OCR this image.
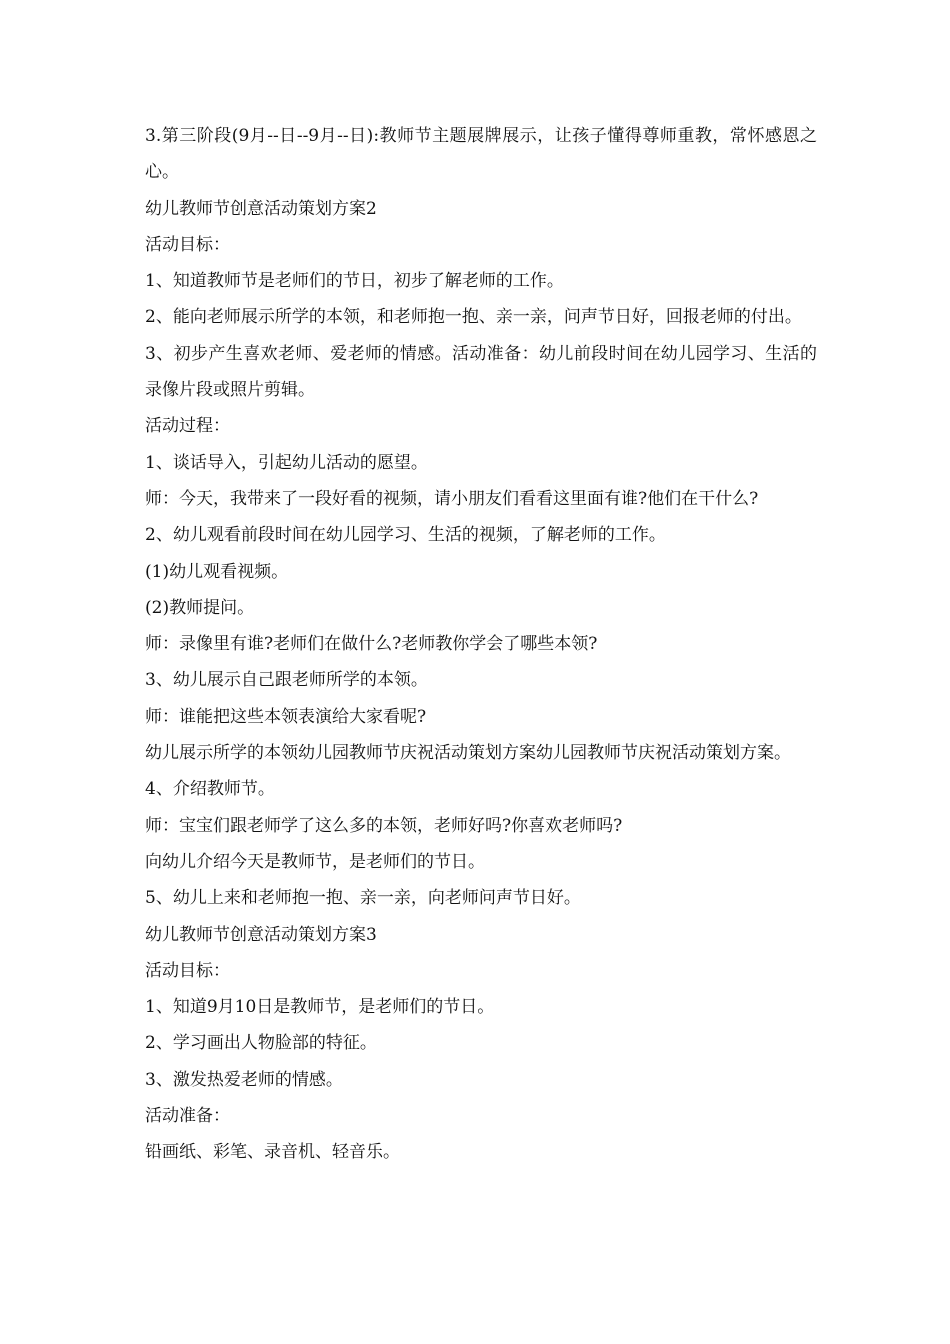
3.第三阶段(9月--日--9月--日):教师节主题展牌展示，让孩子懂得尊师重教，常怀感恩之心。

幼儿教师节创意活动策划方案2

活动目标：

1、知道教师节是老师们的节日，初步了解老师的工作。

2、能向老师展示所学的本领，和老师抱一抱、亲一亲，问声节日好，回报老师的付出。

3、初步产生喜欢老师、爱老师的情感。活动准备：幼儿前段时间在幼儿园学习、生活的录像片段或照片剪辑。

活动过程：

1、谈话导入，引起幼儿活动的愿望。

师：今天，我带来了一段好看的视频，请小朋友们看看这里面有谁?他们在干什么?

2、幼儿观看前段时间在幼儿园学习、生活的视频，了解老师的工作。

(1)幼儿观看视频。

(2)教师提问。

师：录像里有谁?老师们在做什么?老师教你学会了哪些本领?

3、幼儿展示自己跟老师所学的本领。

师：谁能把这些本领表演给大家看呢?

幼儿展示所学的本领幼儿园教师节庆祝活动策划方案幼儿园教师节庆祝活动策划方案。

4、介绍教师节。

师：宝宝们跟老师学了这么多的本领，老师好吗?你喜欢老师吗?

向幼儿介绍今天是教师节，是老师们的节日。

5、幼儿上来和老师抱一抱、亲一亲，向老师问声节日好。

幼儿教师节创意活动策划方案3

活动目标：

1、知道9月10日是教师节，是老师们的节日。

2、学习画出人物脸部的特征。

3、激发热爱老师的情感。

活动准备：

铅画纸、彩笔、录音机、轻音乐。
